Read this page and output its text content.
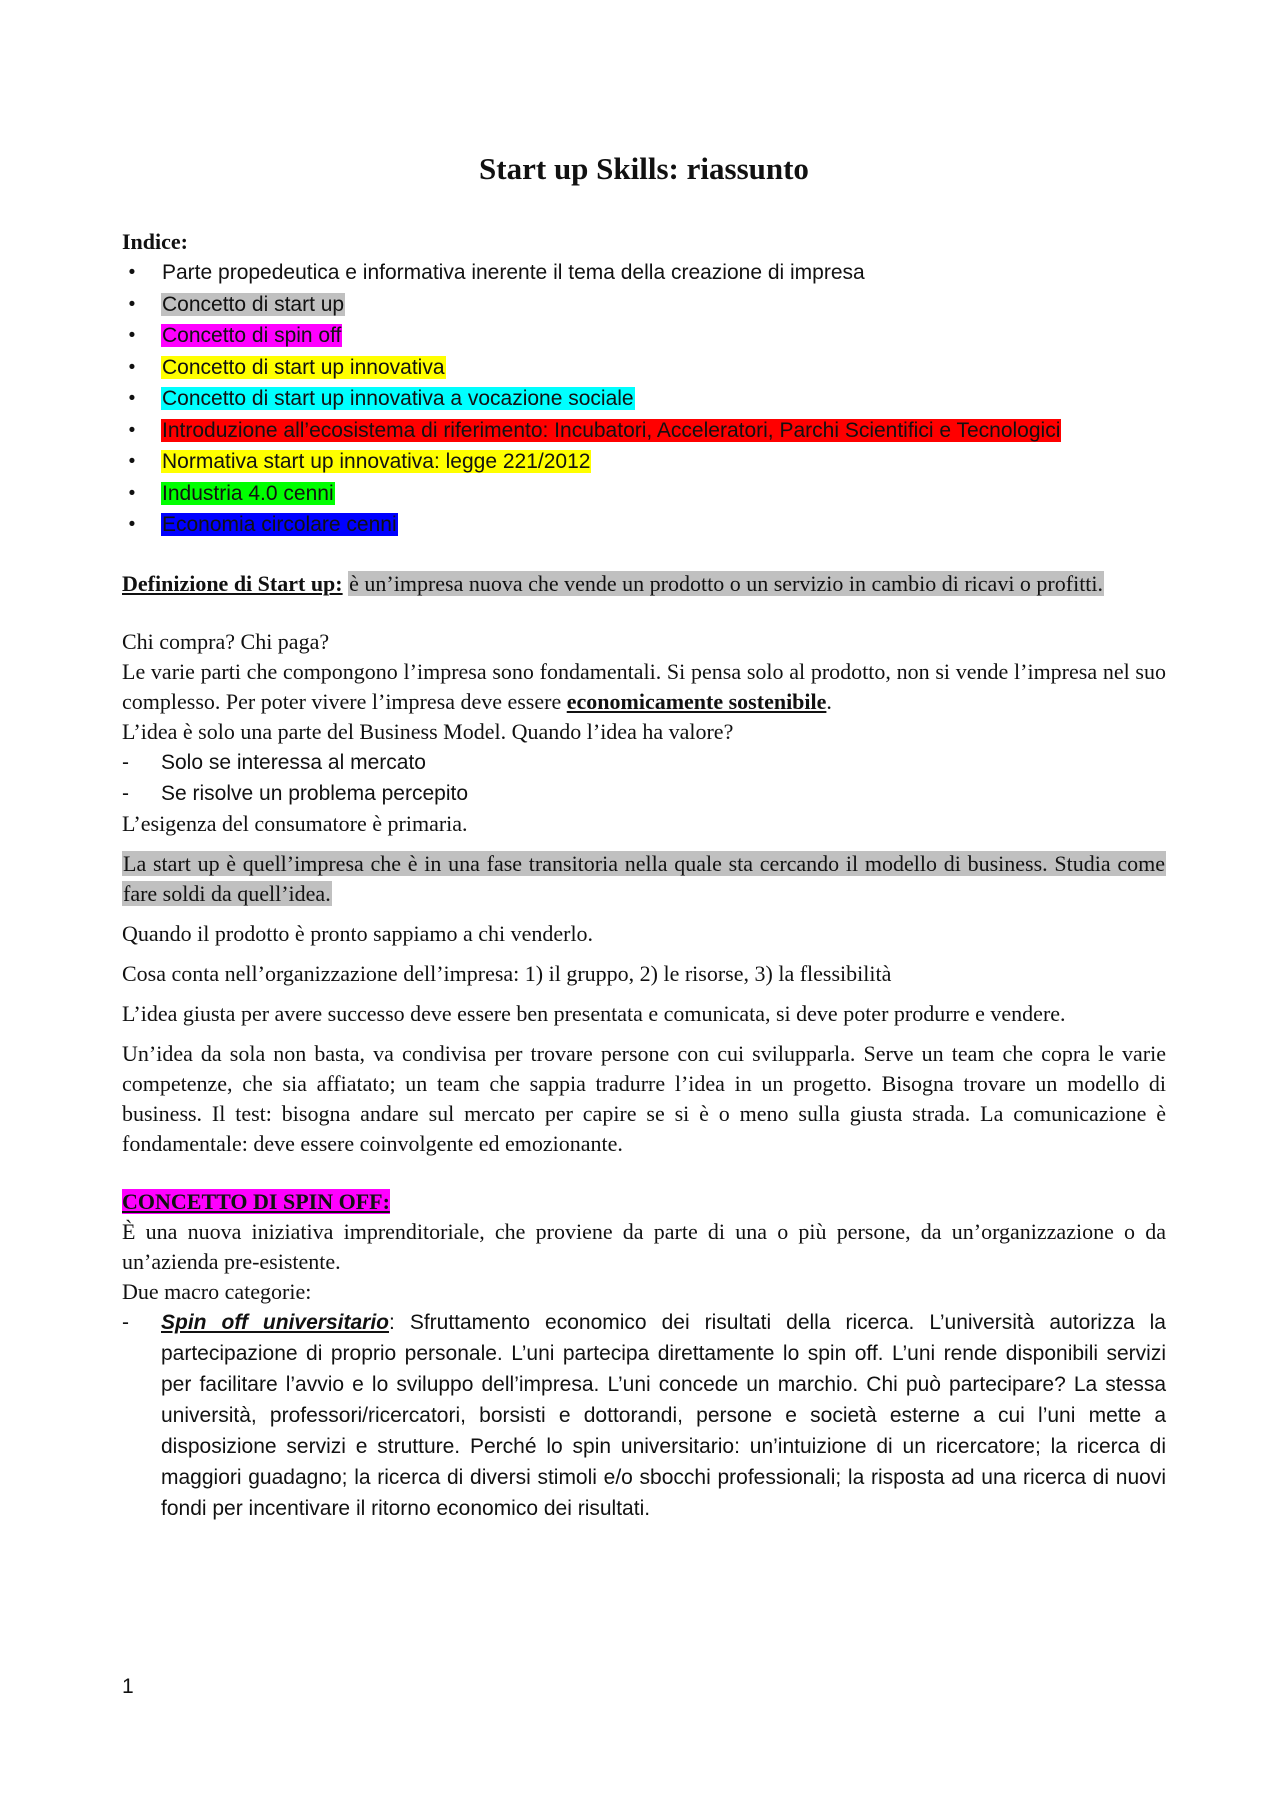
Start up Skills: riassunto

Indice:

•	Parte propedeutica e informativa inerente il tema della creazione di impresa
•	Concetto di start up
•	Concetto di spin off
•	Concetto di start up innovativa
•	Concetto di start up innovativa a vocazione sociale
•	Introduzione all’ecosistema di riferimento: Incubatori, Acceleratori, Parchi Scientifici e Tecnologici
•	Normativa start up innovativa: legge 221/2012
•	Industria 4.0 cenni
•	Economia circolare cenni

Definizione di Start up: è un’impresa nuova che vende un prodotto o un servizio in cambio di ricavi o profitti.

Chi compra? Chi paga?

Le varie parti che compongono l’impresa sono fondamentali. Si pensa solo al prodotto, non si vende l’impresa nel suo complesso. Per poter vivere l’impresa deve essere economicamente sostenibile.

L’idea è solo una parte del Business Model. Quando l’idea ha valore?

- Solo se interessa al mercato
- Se risolve un problema percepito

L’esigenza del consumatore è primaria.

La start up è quell’impresa che è in una fase transitoria nella quale sta cercando il modello di business. Studia come fare soldi da quell’idea.

Quando il prodotto è pronto sappiamo a chi venderlo.

Cosa conta nell’organizzazione dell’impresa: 1) il gruppo, 2) le risorse, 3) la flessibilità

L’idea giusta per avere successo deve essere ben presentata e comunicata, si deve poter produrre e vendere.

Un’idea da sola non basta, va condivisa per trovare persone con cui svilupparla. Serve un team che copra le varie competenze, che sia affiatato; un team che sappia tradurre l’idea in un progetto. Bisogna trovare un modello di business. Il test: bisogna andare sul mercato per capire se si è o meno sulla giusta strada. La comunicazione è fondamentale: deve essere coinvolgente ed emozionante.

CONCETTO DI SPIN OFF:

È una nuova iniziativa imprenditoriale, che proviene da parte di una o più persone, da un’organizzazione o da un’azienda pre-esistente.

Due macro categorie:

- Spin off universitario: Sfruttamento economico dei risultati della ricerca. L’università autorizza la partecipazione di proprio personale. L’uni partecipa direttamente lo spin off. L’uni rende disponibili servizi per facilitare l’avvio e lo sviluppo dell’impresa. L’uni concede un marchio. Chi può partecipare? La stessa università, professori/ricercatori, borsisti e dottorandi, persone e società esterne a cui l’uni mette a disposizione servizi e strutture. Perché lo spin universitario: un’intuizione di un ricercatore; la ricerca di maggiori guadagno; la ricerca di diversi stimoli e/o sbocchi professionali; la risposta ad una ricerca di nuovi fondi per incentivare il ritorno economico dei risultati.
1
